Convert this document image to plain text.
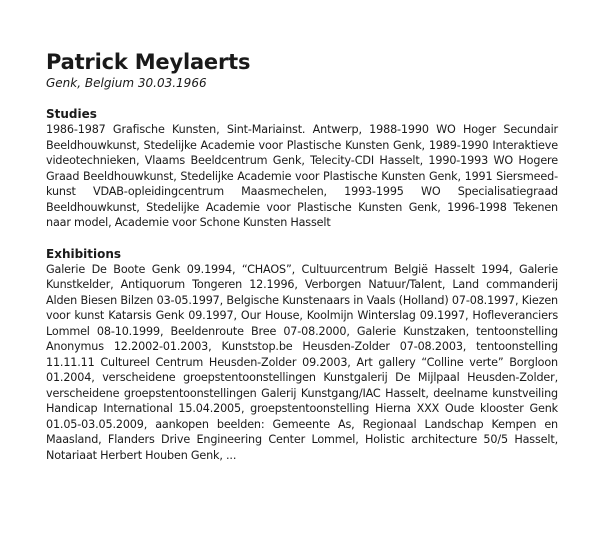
Patrick Meylaerts

Genk, Belgium 30.03.1966

Studies

1986-1987 Grafische Kunsten, Sint-Mariainst. Antwerp, 1988-1990 WO Hoger Secundair Beeldhouwkunst, Stedelijke Academie voor Plastische Kunsten Genk, 1989-1990 Interaktieve videotechnieken, Vlaams Beeldcentrum Genk, Telecity-CDI Hasselt, 1990-1993 WO Hogere Graad Beeldhouwkunst, Stedelijke Academie voor Plastische Kunsten Genk, 1991 Siersmeed-kunst VDAB-opleidingcentrum Maasmechelen, 1993-1995 WO Specialisatiegraad Beeldhouwkunst, Stedelijke Academie voor Plastische Kunsten Genk, 1996-1998 Tekenen naar model, Academie voor Schone Kunsten Hasselt

Exhibitions

Galerie De Boote Genk 09.1994, “CHAOS”, Cultuurcentrum België Hasselt 1994, Galerie Kunstkelder, Antiquorum Tongeren 12.1996, Verborgen Natuur/Talent, Land commanderij Alden Biesen Bilzen 03-05.1997, Belgische Kunstenaars in Vaals (Holland) 07-08.1997, Kiezen voor kunst Katarsis Genk 09.1997, Our House, Koolmijn Winterslag 09.1997, Hofleveranciers Lommel 08-10.1999, Beeldenroute Bree 07-08.2000, Galerie Kunstzaken, tentoonstelling Anonymus 12.2002-01.2003, Kunststop.be Heusden-Zolder 07-08.2003, tentoonstelling 11.11.11 Cultureel Centrum Heusden-Zolder 09.2003, Art gallery “Colline verte” Borgloon 01.2004, verscheidene groepstentoonstellingen Kunstgalerij De Mijlpaal Heusden-Zolder, verscheidene groepstentoonstellingen Galerij Kunstgang/IAC Hasselt, deelname kunstveiling Handicap International 15.04.2005, groepstentoonstelling Hierna XXX Oude klooster Genk 01.05-03.05.2009, aankopen beelden: Gemeente As, Regionaal Landschap Kempen en Maasland, Flanders Drive Engineering Center Lommel, Holistic architecture 50/5 Hasselt, Notariaat Herbert Houben Genk, ...
